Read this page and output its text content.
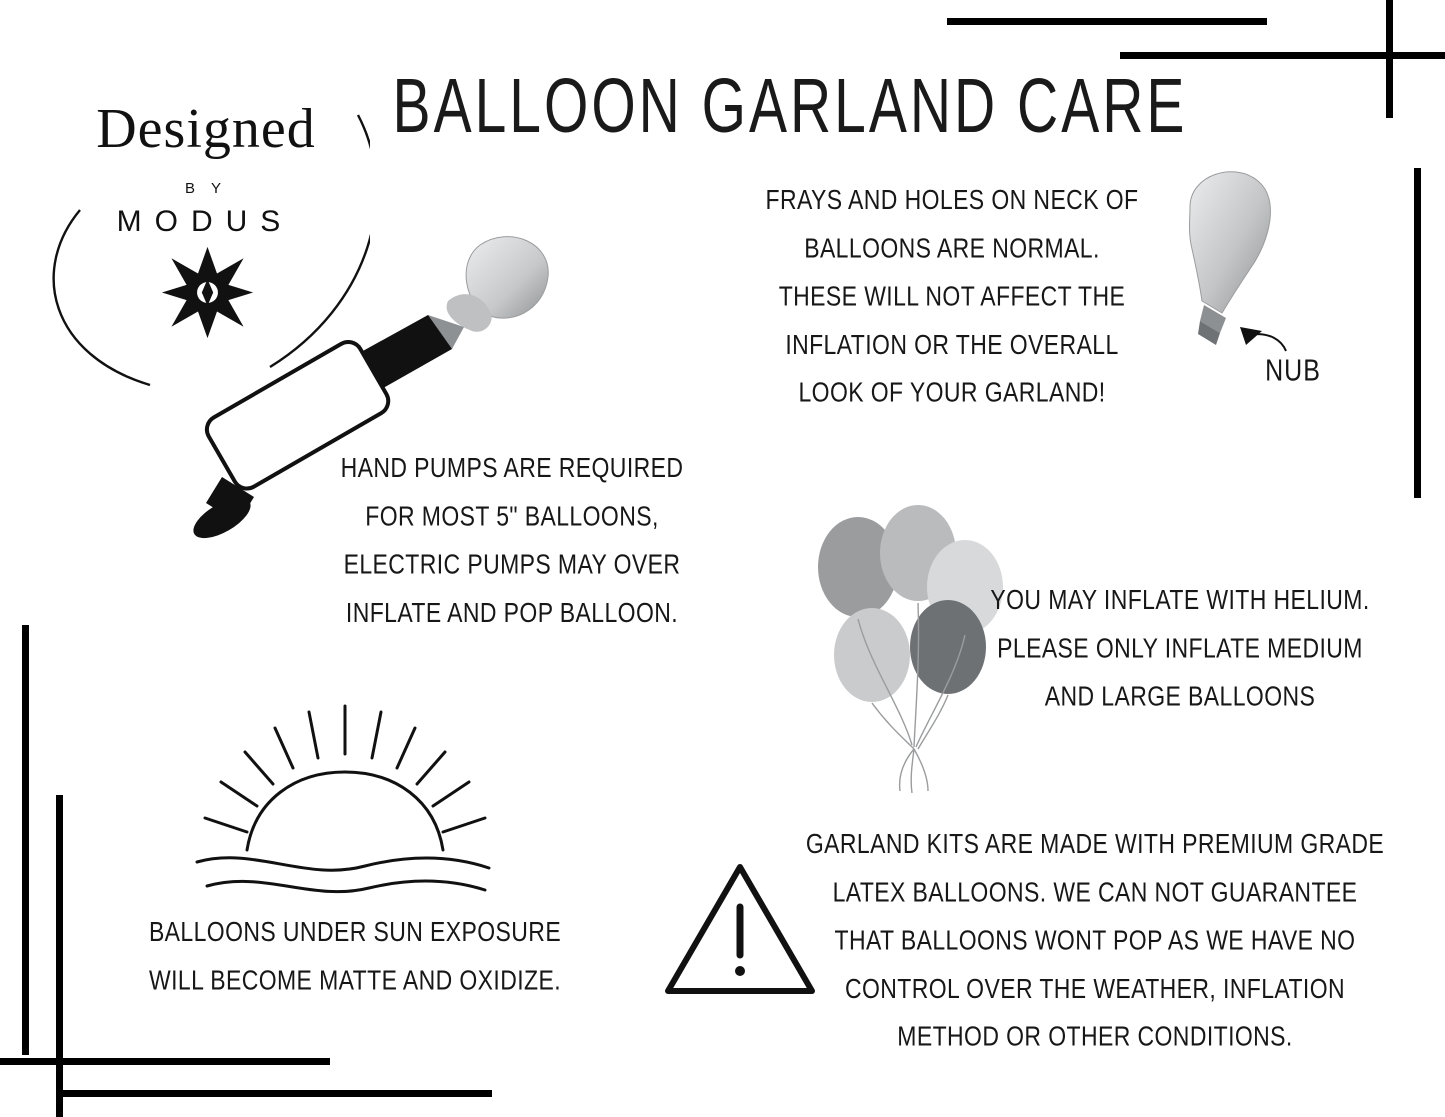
Designed
B Y
MODUS
BALLOON GARLAND CARE
FRAYS AND HOLES ON NECK OF BALLOONS ARE NORMAL. THESE WILL NOT AFFECT THE INFLATION OR THE OVERALL LOOK OF YOUR GARLAND!
NUB
HAND PUMPS ARE REQUIRED FOR MOST 5" BALLOONS, ELECTRIC PUMPS MAY OVER INFLATE AND POP BALLOON.	YOU MAY INFLATE WITH HELIUM. PLEASE ONLY INFLATE MEDIUM AND LARGE BALLOONS
BALLOONS UNDER SUN EXPOSURE WILL BECOME MATTE AND OXIDIZE.
GARLAND KITS ARE MADE WITH PREMIUM GRADE LATEX BALLOONS. WE CAN NOT GUARANTEE THAT BALLOONS WONT POP AS WE HAVE NO CONTROL OVER THE WEATHER, INFLATION METHOD OR OTHER CONDITIONS.
